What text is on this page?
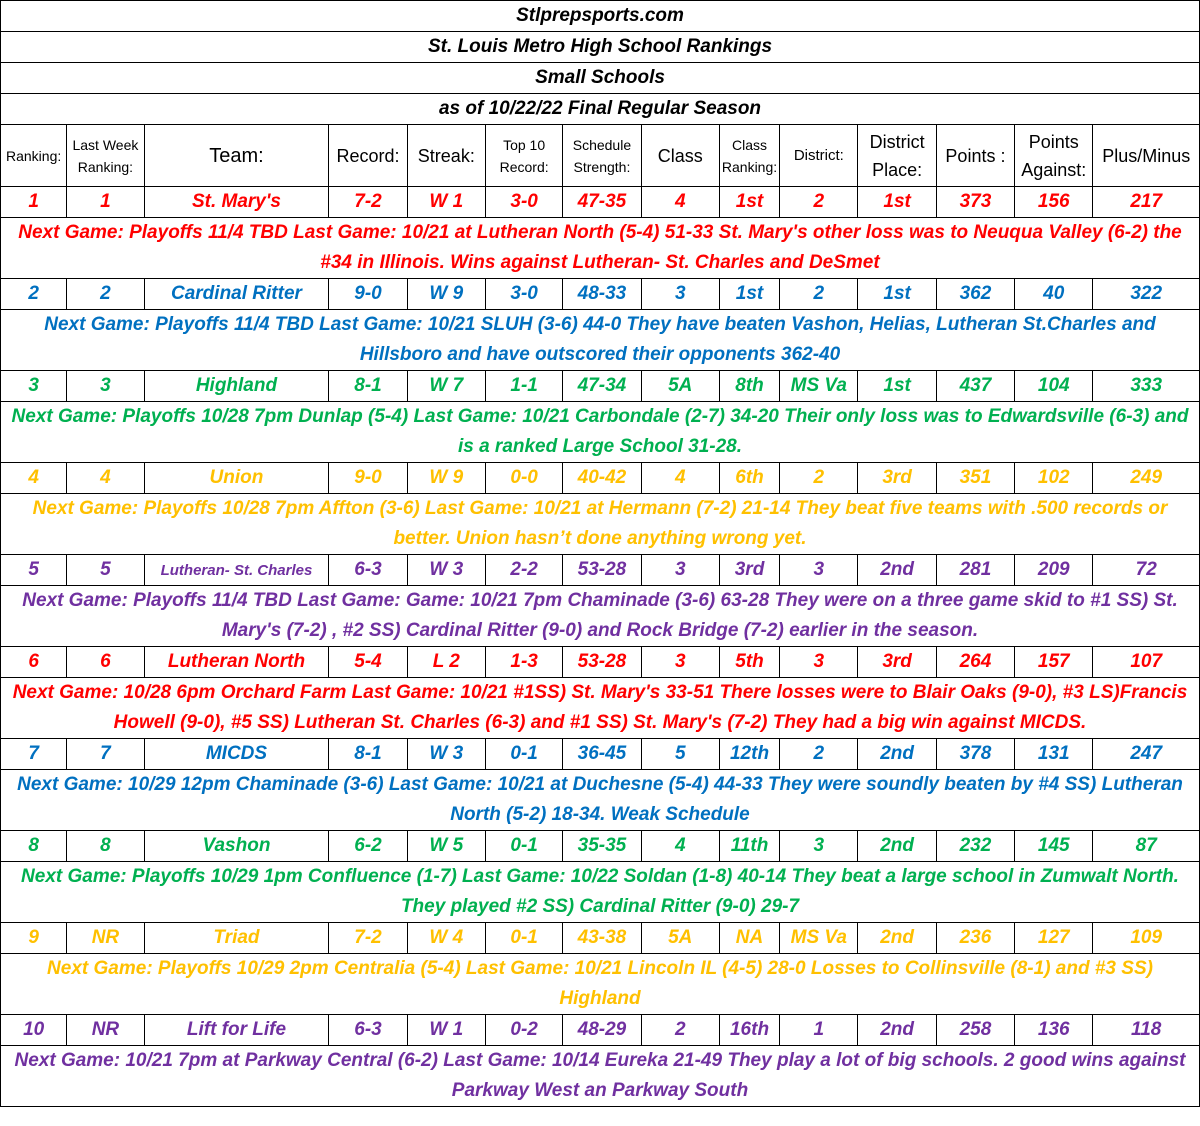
Stlprepsports.com													
St. Louis Metro High School Rankings													
Small Schools													
as of 10/22/22 Final Regular Season													
Ranking:	Last Week Ranking:	Team:	Record:	Streak:	Top 10 Record:	Schedule Strength:	Class	Class Ranking:	District:	District Place:	Points :	Points Against:	Plus/Minus
1	1	St. Mary's	7-2	W 1	3-0	47-35	4	1st	2	1st	373	156	217
Next Game: Playoffs 11/4 TBD Last Game: 10/21 at Lutheran North (5-4) 51-33 St. Mary's other loss was to Neuqua Valley (6-2) the #34 in Illinois. Wins against Lutheran- St. Charles and DeSmet													
2	2	Cardinal Ritter	9-0	W 9	3-0	48-33	3	1st	2	1st	362	40	322
Next Game: Playoffs 11/4 TBD Last Game: 10/21 SLUH (3-6) 44-0 They have beaten Vashon, Helias, Lutheran St.Charles and Hillsboro and have outscored their opponents 362-40													
3	3	Highland	8-1	W 7	1-1	47-34	5A	8th	MS Va	1st	437	104	333
Next Game: Playoffs 10/28 7pm Dunlap (5-4) Last Game: 10/21 Carbondale (2-7) 34-20 Their only loss was to Edwardsville (6-3) and is a ranked Large School 31-28.													
4	4	Union	9-0	W 9	0-0	40-42	4	6th	2	3rd	351	102	249
Next Game: Playoffs 10/28 7pm Affton (3-6) Last Game: 10/21 at Hermann (7-2) 21-14 They beat five teams with .500 records or better. Union hasn’t done anything wrong yet.													
5	5	Lutheran- St. Charles	6-3	W 3	2-2	53-28	3	3rd	3	2nd	281	209	72
Next Game: Playoffs 11/4 TBD Last Game: Game: 10/21 7pm Chaminade (3-6) 63-28 They were on a three game skid to #1 SS) St. Mary's (7-2) , #2 SS) Cardinal Ritter (9-0) and Rock Bridge (7-2) earlier in the season.													
6	6	Lutheran North	5-4	L 2	1-3	53-28	3	5th	3	3rd	264	157	107
Next Game: 10/28 6pm Orchard Farm Last Game: 10/21 #1SS) St. Mary's 33-51 There losses were to Blair Oaks (9-0), #3 LS)Francis Howell (9-0), #5 SS) Lutheran St. Charles (6-3) and #1 SS) St. Mary's (7-2) They had a big win against MICDS.													
7	7	MICDS	8-1	W 3	0-1	36-45	5	12th	2	2nd	378	131	247
Next Game: 10/29 12pm Chaminade (3-6) Last Game: 10/21 at Duchesne (5-4) 44-33 They were soundly beaten by #4 SS) Lutheran North (5-2) 18-34. Weak Schedule													
8	8	Vashon	6-2	W 5	0-1	35-35	4	11th	3	2nd	232	145	87
Next Game: Playoffs 10/29 1pm Confluence (1-7) Last Game: 10/22 Soldan (1-8) 40-14 They beat a large school in Zumwalt North. They played #2 SS) Cardinal Ritter (9-0) 29-7													
9	NR	Triad	7-2	W 4	0-1	43-38	5A	NA	MS Va	2nd	236	127	109
Next Game: Playoffs 10/29 2pm Centralia (5-4) Last Game: 10/21 Lincoln IL (4-5) 28-0 Losses to Collinsville (8-1) and #3 SS) Highland													
10	NR	Lift for Life	6-3	W 1	0-2	48-29	2	16th	1	2nd	258	136	118
Next Game: 10/21 7pm at Parkway Central (6-2) Last Game: 10/14 Eureka 21-49 They play a lot of big schools. 2 good wins against Parkway West an Parkway South													
